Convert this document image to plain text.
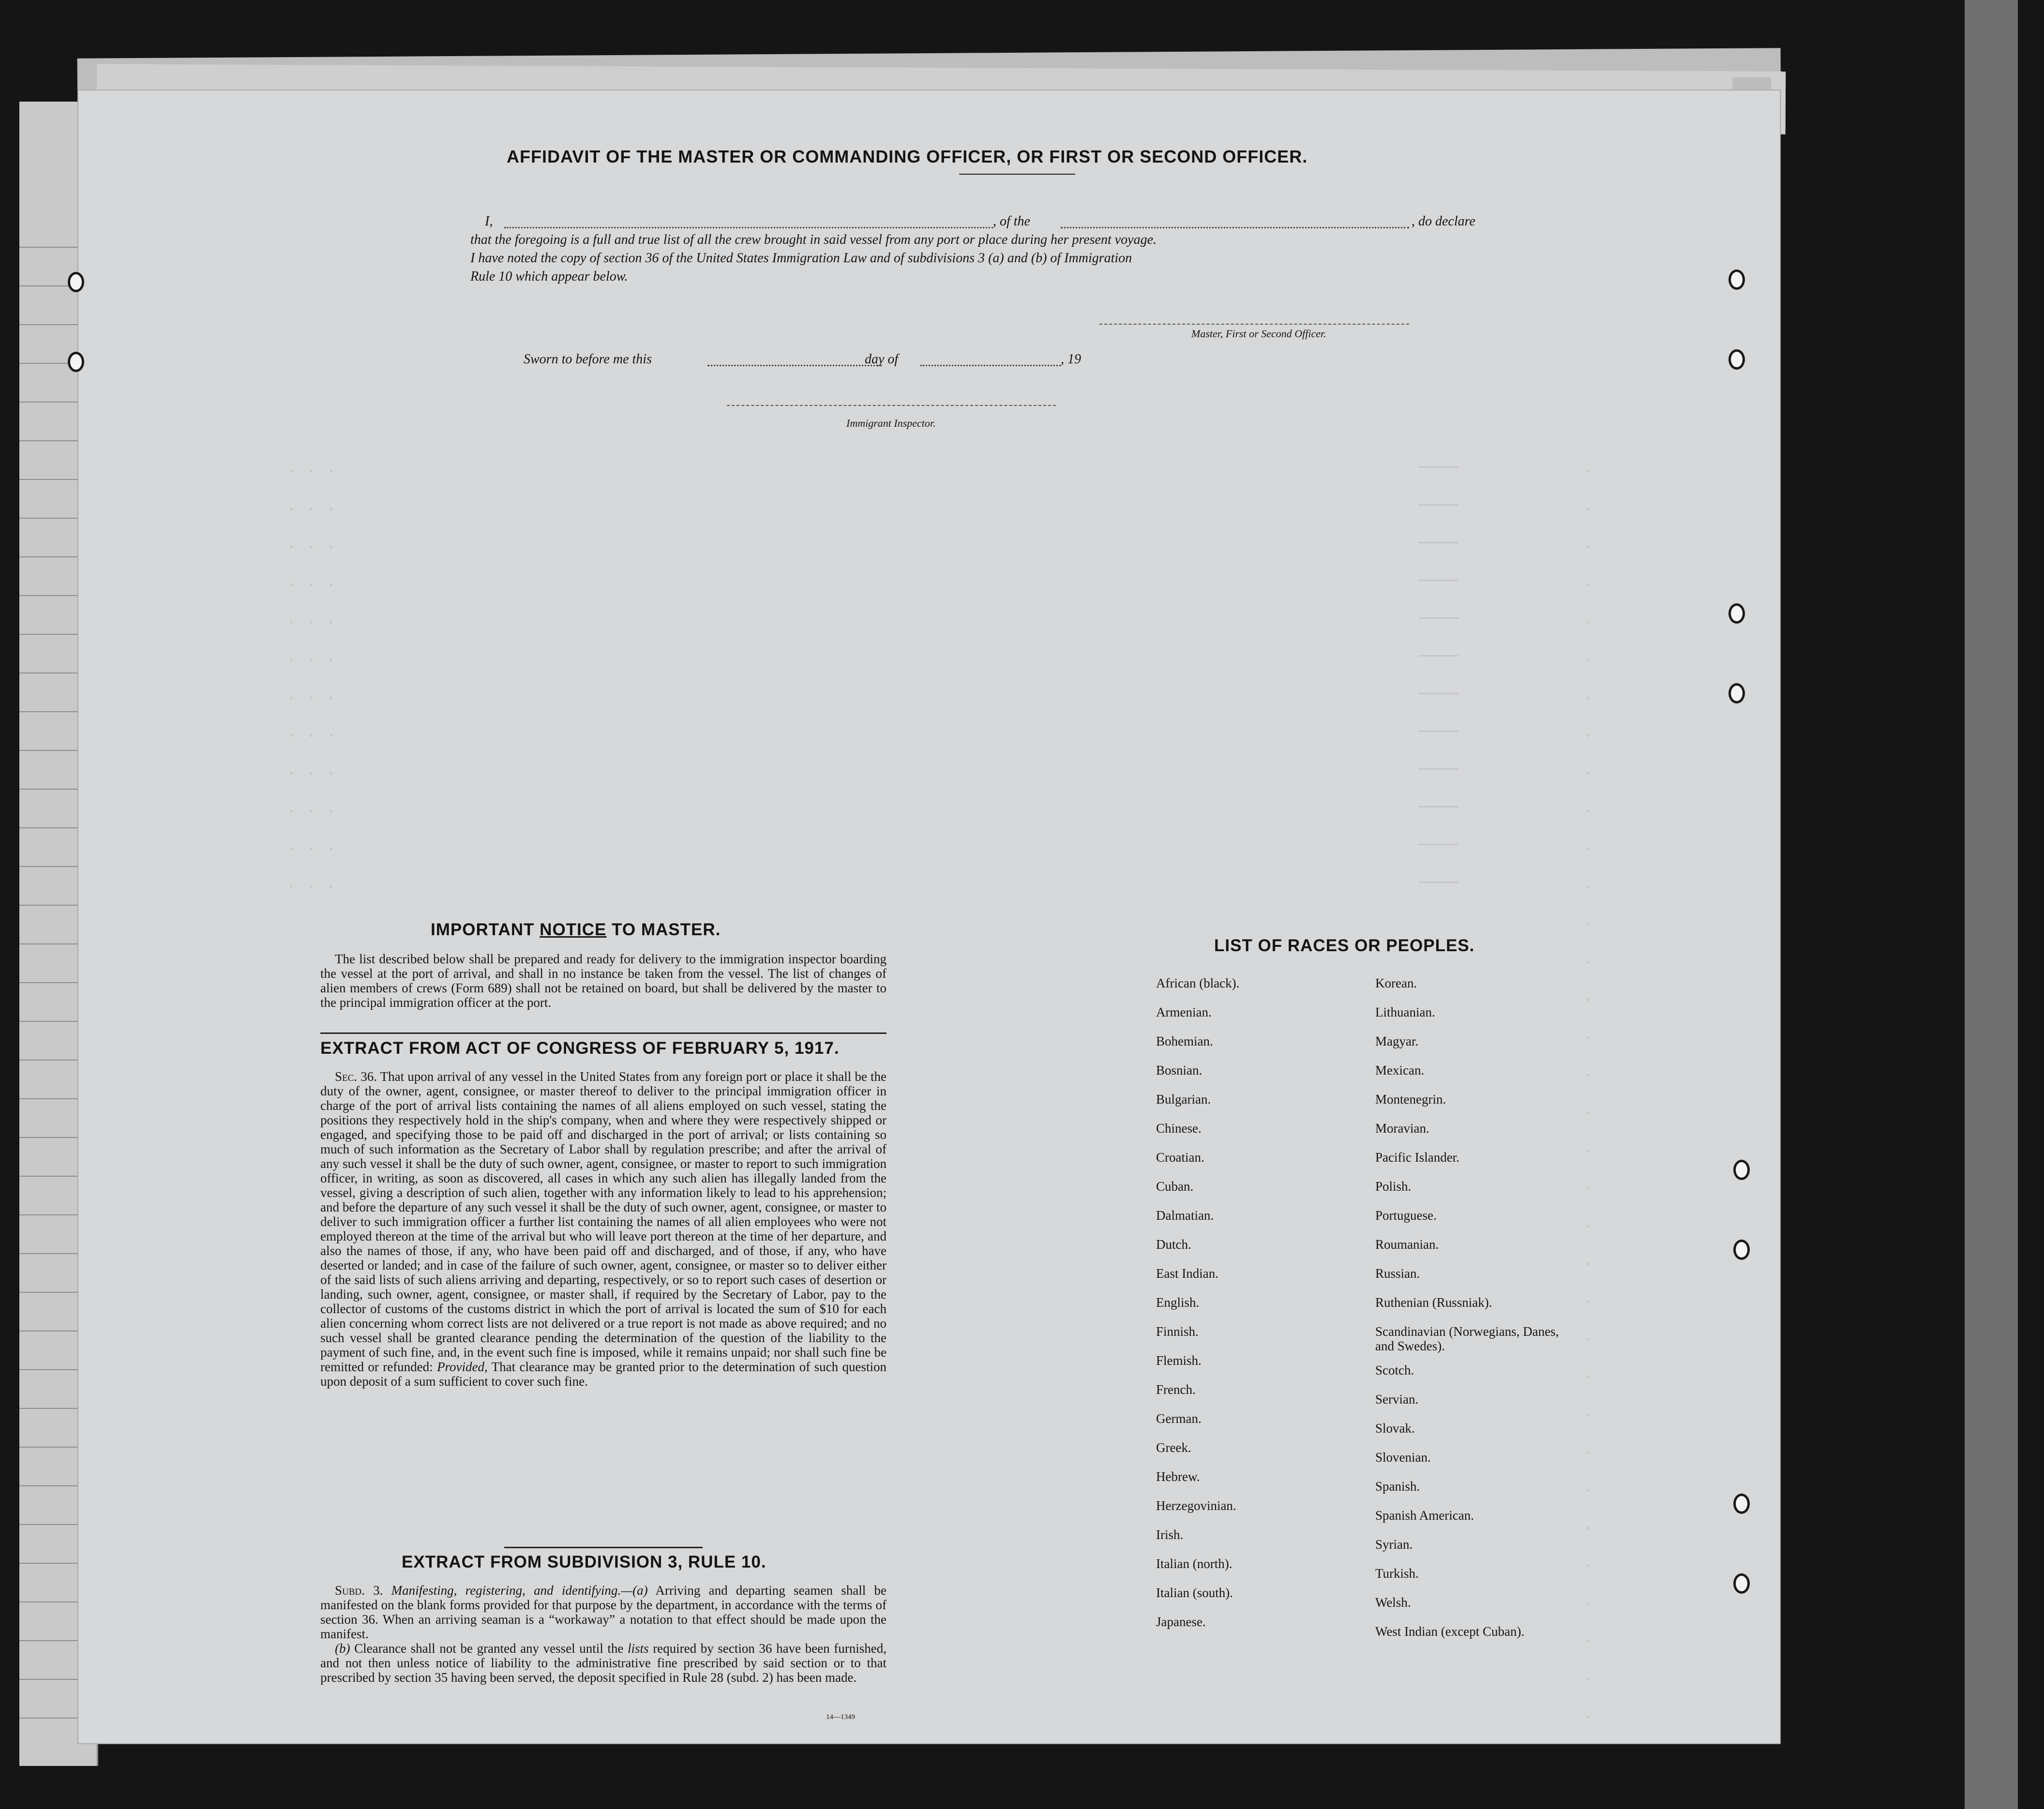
. . .
. . .
. . .
. . .
. . .
. . .
. . .
. . .
. . .
. . .
. . .
. . .
────
────
────
────
────
────
────
────
────
────
────
────
.
.
.
.
.
.
.
.
.
.
.
.
.
.
.
.
.
.
.
.
.
.
.
.
.
.
.
.
.
.
.
.
.
.
AFFIDAVIT OF THE MASTER OR COMMANDING OFFICER, OR FIRST OR SECOND OFFICER.
I,	, of the	, do declare
that the foregoing is a full and true list of all the crew brought in said vessel from any port or place during her present voyage.
I have noted the copy of section 36 of the United States Immigration Law and of subdivisions 3 (a) and (b) of Immigration
Rule 10 which appear below.
Master, First or Second Officer.
Sworn to before me this	day of	, 19
Immigrant Inspector.
IMPORTANT NOTICE TO MASTER.

The list described below shall be prepared and ready for delivery to the immigration inspector boarding the vessel at the port of arrival, and shall in no instance be taken from the vessel. The list of changes of alien members of crews (Form 689) shall not be retained on board, but shall be delivered by the master to the principal immigration officer at the port.

EXTRACT FROM ACT OF CONGRESS OF FEBRUARY 5, 1917.

Sec. 36. That upon arrival of any vessel in the United States from any foreign port or place it shall be the duty of the owner, agent, consignee, or master thereof to deliver to the principal immigration officer in charge of the port of arrival lists containing the names of all aliens employed on such vessel, stating the positions they respectively hold in the ship's company, when and where they were respectively shipped or engaged, and specifying those to be paid off and discharged in the port of arrival; or lists containing so much of such information as the Secretary of Labor shall by regulation prescribe; and after the arrival of any such vessel it shall be the duty of such owner, agent, consignee, or master to report to such immigration officer, in writing, as soon as discovered, all cases in which any such alien has illegally landed from the vessel, giving a description of such alien, together with any information likely to lead to his apprehension; and before the departure of any such vessel it shall be the duty of such owner, agent, consignee, or master to deliver to such immigration officer a further list containing the names of all alien employees who were not employed thereon at the time of the arrival but who will leave port thereon at the time of her departure, and also the names of those, if any, who have been paid off and discharged, and of those, if any, who have deserted or landed; and in case of the failure of such owner, agent, consignee, or master so to deliver either of the said lists of such aliens arriving and departing, respectively, or so to report such cases of desertion or landing, such owner, agent, consignee, or master shall, if required by the Secretary of Labor, pay to the collector of customs of the customs district in which the port of arrival is located the sum of $10 for each alien concerning whom correct lists are not delivered or a true report is not made as above required; and no such vessel shall be granted clearance pending the determination of the question of the liability to the payment of such fine, and, in the event such fine is imposed, while it remains unpaid; nor shall such fine be remitted or refunded: Provided, That clearance may be granted prior to the determination of such question upon deposit of a sum sufficient to cover such fine.

EXTRACT FROM SUBDIVISION 3, RULE 10.

Subd. 3. Manifesting, registering, and identifying.—(a) Arriving and departing seamen shall be manifested on the blank forms provided for that purpose by the department, in accordance with the terms of section 36. When an arriving seaman is a “workaway” a notation to that effect should be made upon the manifest.

(b) Clearance shall not be granted any vessel until the lists required by section 36 have been furnished, and not then unless notice of liability to the administrative fine prescribed by said section or to that prescribed by section 35 having been served, the deposit specified in Rule 28 (subd. 2) has been made.

14—1349
LIST OF RACES OR PEOPLES.
African (black).
Armenian.
Bohemian.
Bosnian.
Bulgarian.
Chinese.
Croatian.
Cuban.
Dalmatian.
Dutch.
East Indian.
English.
Finnish.
Flemish.
French.
German.
Greek.
Hebrew.
Herzegovinian.
Irish.
Italian (north).
Italian (south).
Japanese.
Korean.
Lithuanian.
Magyar.
Mexican.
Montenegrin.
Moravian.
Pacific Islander.
Polish.
Portuguese.
Roumanian.
Russian.
Ruthenian (Russniak).
Scandinavian (Norwegians, Danes, and Swedes).
Scotch.
Servian.
Slovak.
Slovenian.
Spanish.
Spanish American.
Syrian.
Turkish.
Welsh.
West Indian (except Cuban).
